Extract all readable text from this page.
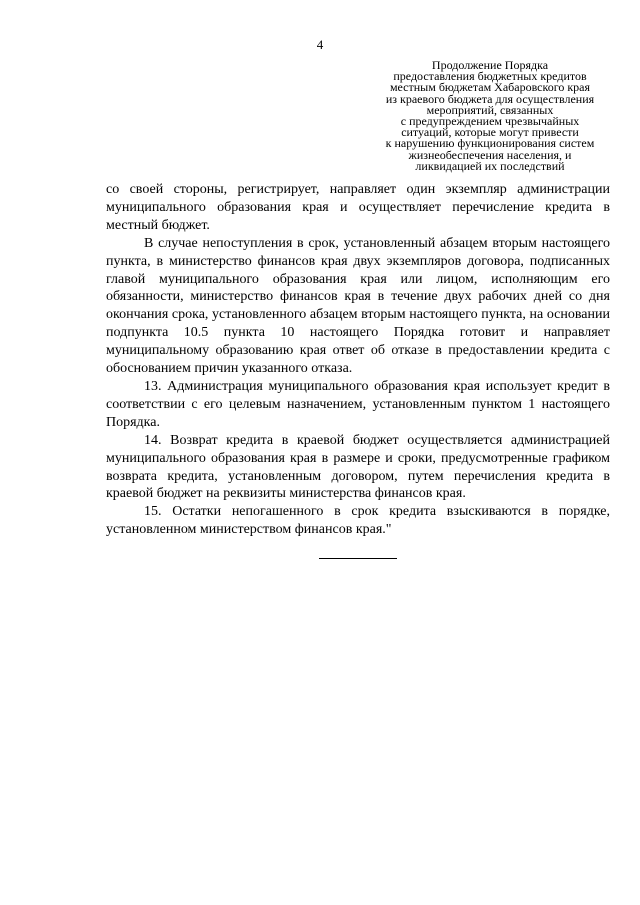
4
Продолжение Порядка
предоставления бюджетных кредитов
местным бюджетам Хабаровского края
из краевого бюджета для осуществления
мероприятий, связанных
с предупреждением чрезвычайных
ситуаций, которые могут привести
к нарушению функционирования систем
жизнеобеспечения населения, и
ликвидацией их последствий

со своей стороны, регистрирует, направляет один экземпляр администрации муниципального образования края и осуществляет перечисление кредита в местный бюджет.

В случае непоступления в срок, установленный абзацем вторым настоящего пункта, в министерство финансов края двух экземпляров договора, подписанных главой муниципального образования края или лицом, исполняющим его обязанности, министерство финансов края в течение двух рабочих дней со дня окончания срока, установленного абзацем вторым настоящего пункта, на основании подпункта 10.5 пункта 10 настоящего Порядка готовит и направляет муниципальному образованию края ответ об отказе в предоставлении кредита с обоснованием причин указанного отказа.

13. Администрация муниципального образования края использует кредит в соответствии с его целевым назначением, установленным пунктом 1 настоящего Порядка.

14. Возврат кредита в краевой бюджет осуществляется администрацией муниципального образования края в размере и сроки, предусмотренные графиком возврата кредита, установленным договором, путем перечисления кредита в краевой бюджет на реквизиты министерства финансов края.

15. Остатки непогашенного в срок кредита взыскиваются в порядке, установленном министерством финансов края."
